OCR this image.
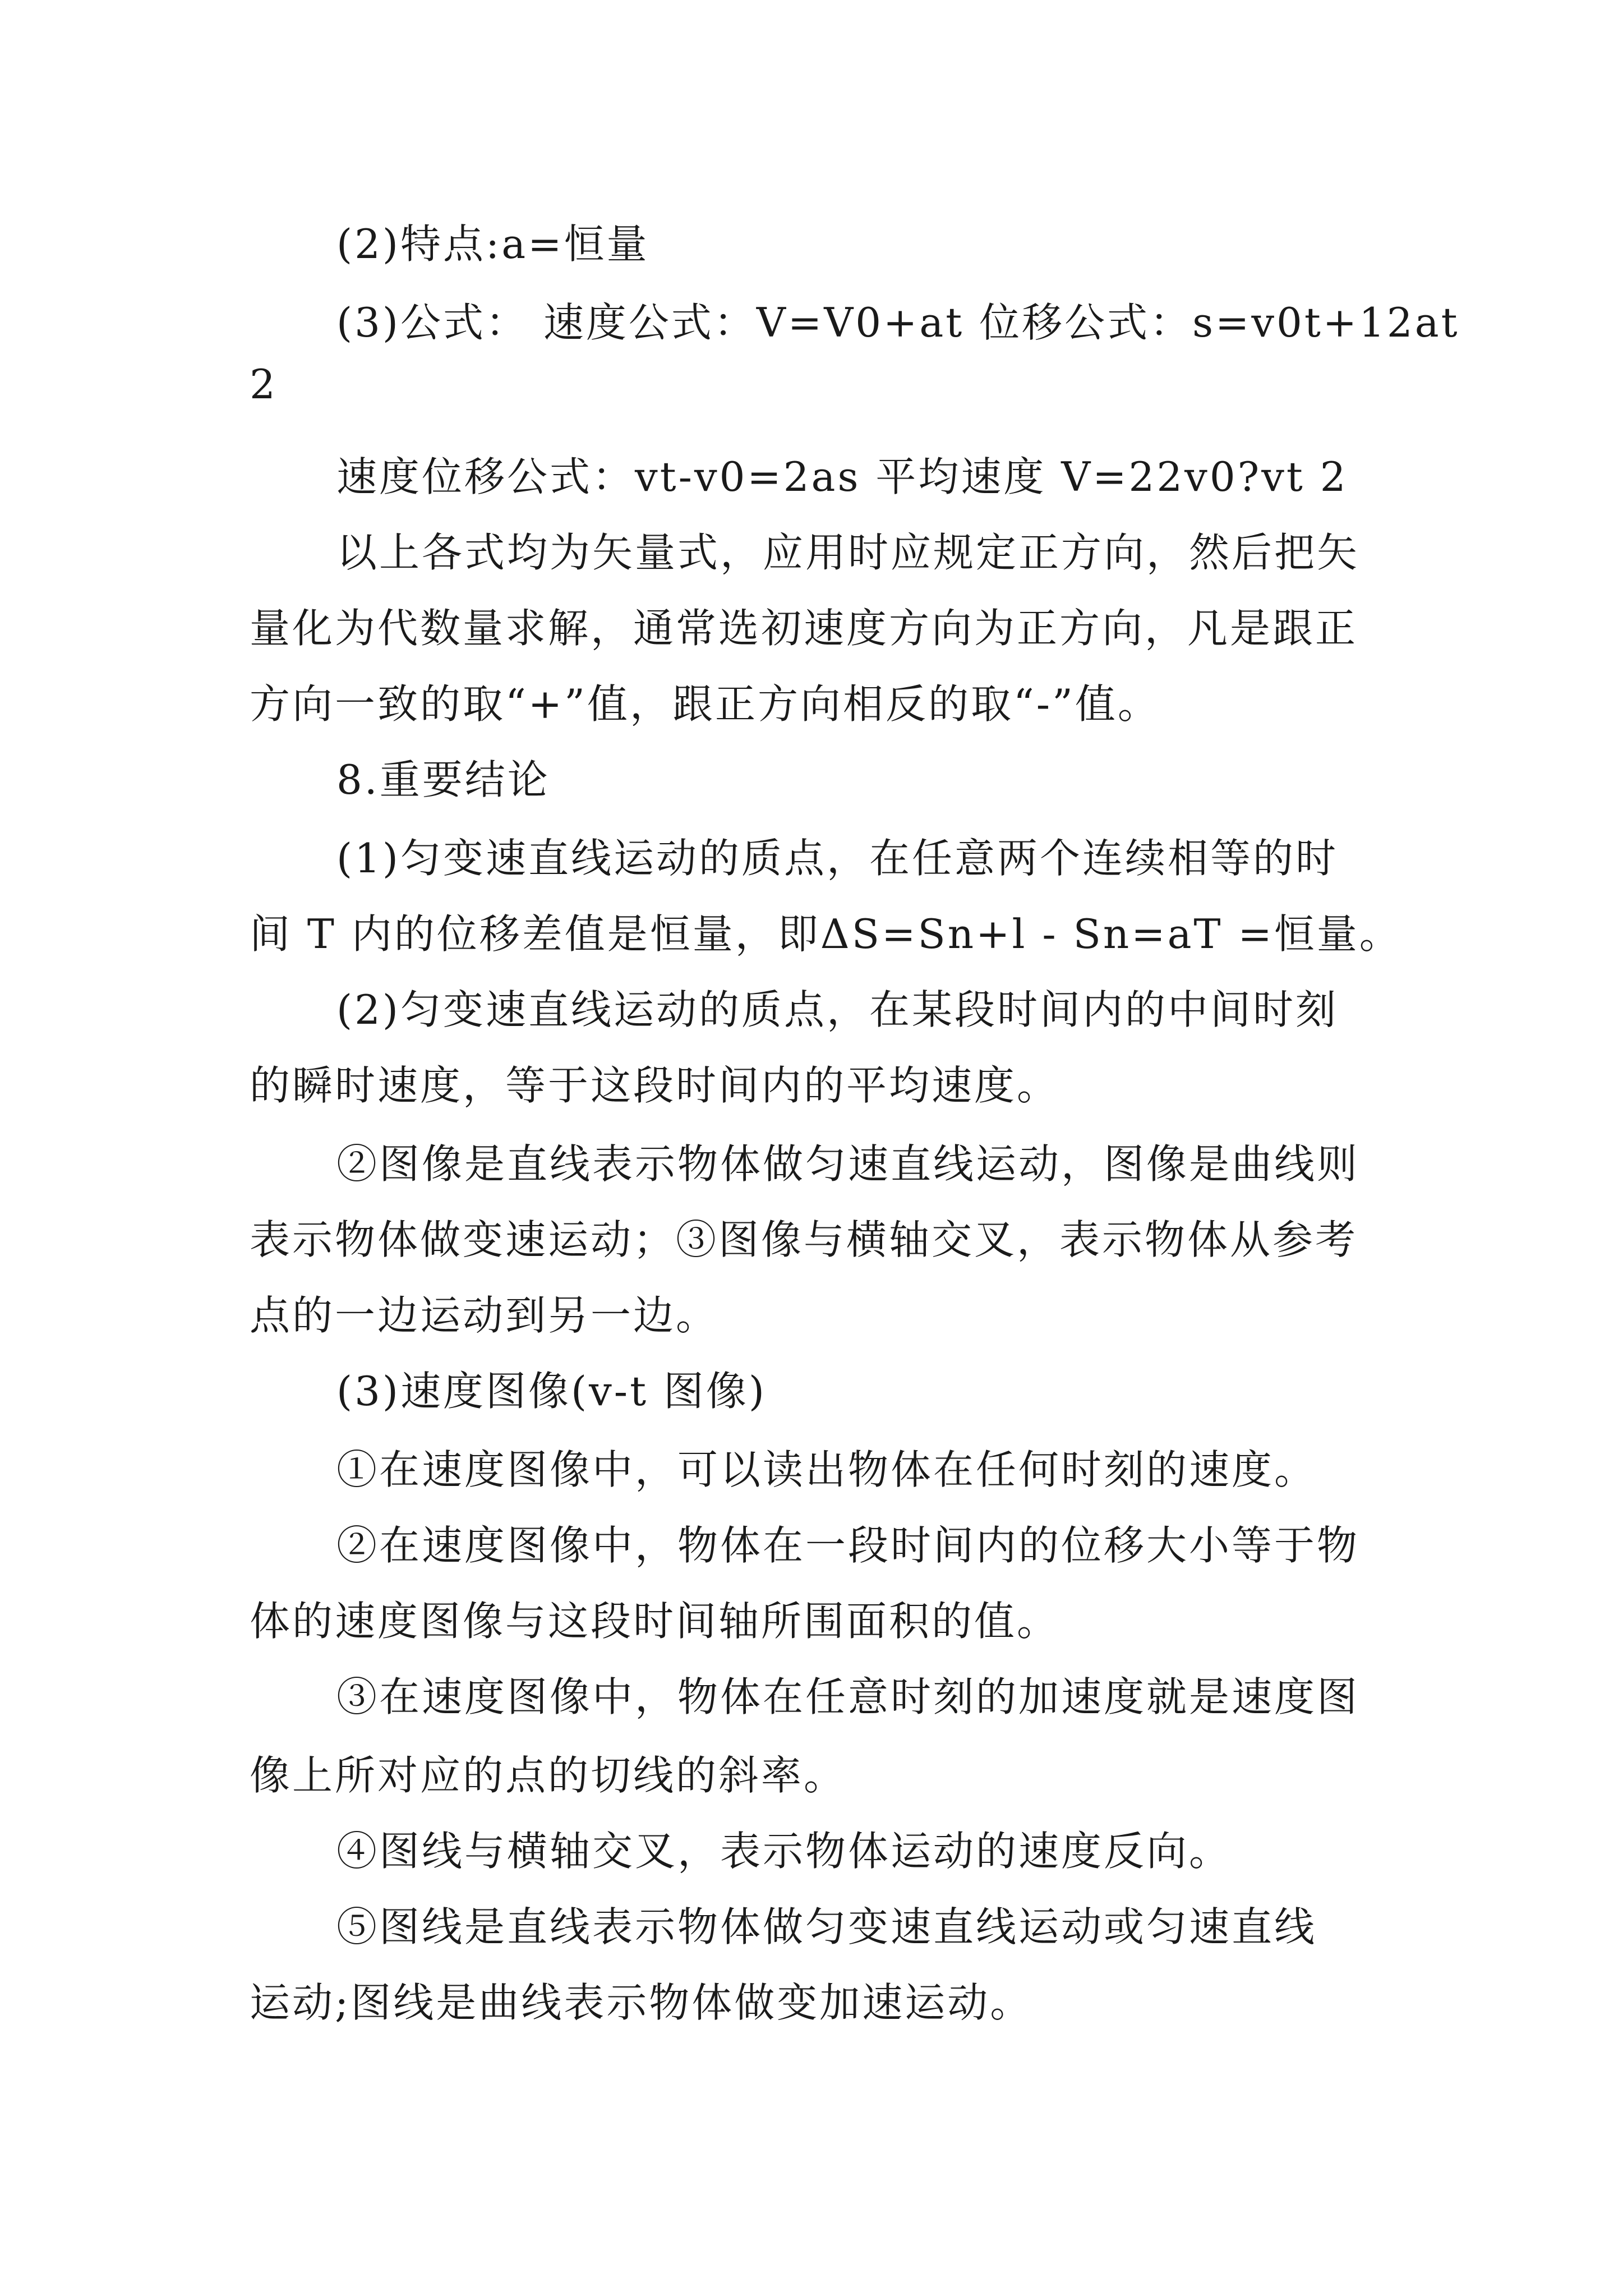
(2)特点:a=恒量

(3)公式： 速度公式：V=V0+at 位移公式：s=v0t+12at

2

速度位移公式：vt-v0=2as 平均速度 V=22v0?vt 2

以上各式均为矢量式，应用时应规定正方向，然后把矢

量化为代数量求解，通常选初速度方向为正方向，凡是跟正

方向一致的取“+”值，跟正方向相反的取“-”值。

8.重要结论

(1)匀变速直线运动的质点，在任意两个连续相等的时

间 T 内的位移差值是恒量，即ΔS=Sn+l - Sn=aT =恒量。

(2)匀变速直线运动的质点，在某段时间内的中间时刻

的瞬时速度，等于这段时间内的平均速度。

②图像是直线表示物体做匀速直线运动，图像是曲线则

表示物体做变速运动；③图像与横轴交叉，表示物体从参考

点的一边运动到另一边。

(3)速度图像(v-t 图像)

①在速度图像中，可以读出物体在任何时刻的速度。

②在速度图像中，物体在一段时间内的位移大小等于物

体的速度图像与这段时间轴所围面积的值。

③在速度图像中，物体在任意时刻的加速度就是速度图

像上所对应的点的切线的斜率。

④图线与横轴交叉，表示物体运动的速度反向。

⑤图线是直线表示物体做匀变速直线运动或匀速直线

运动;图线是曲线表示物体做变加速运动。
